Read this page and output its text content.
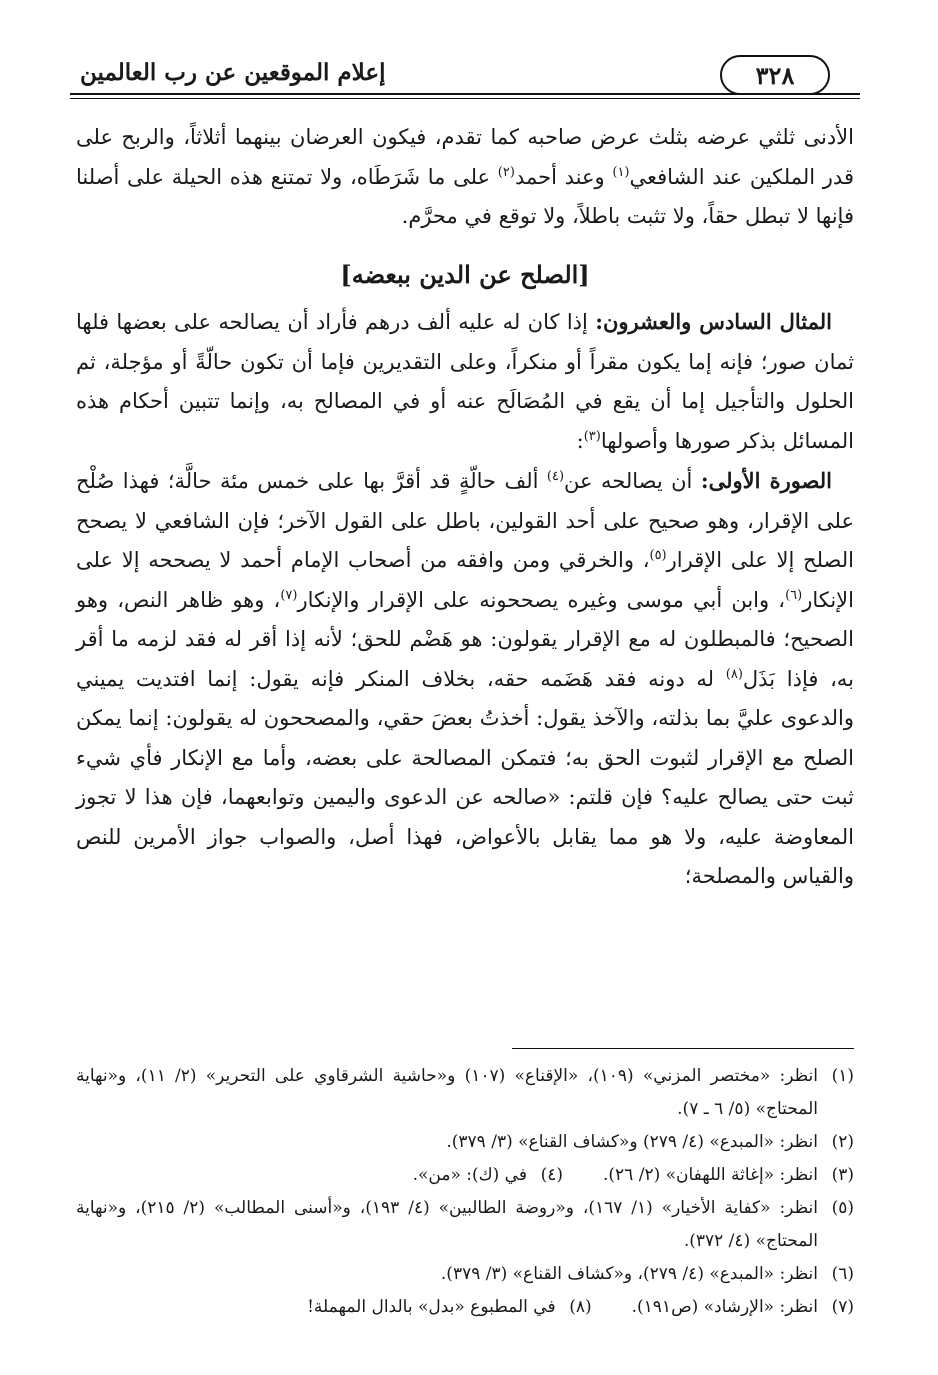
إعلام الموقعين عن رب العالمين	٣٢٨

الأدنى ثلثي عرضه بثلث عرض صاحبه كما تقدم، فيكون العرضان بينهما أثلاثاً، والربح على قدر الملكين عند الشافعي$^{(١)}$ وعند أحمد$^{(٢)}$ على ما شَرَطَاه، ولا تمتنع هذه الحيلة على أصلنا فإنها لا تبطل حقاً، ولا تثبت باطلاً، ولا توقع في محرَّم.

[الصلح عن الدين ببعضه]

المثال السادس والعشرون: إذا كان له عليه ألف درهم فأراد أن يصالحه على بعضها فلها ثمان صور؛ فإنه إما يكون مقراً أو منكراً، وعلى التقديرين فإما أن تكون حالّةً أو مؤجلة، ثم الحلول والتأجيل إما أن يقع في المُصَالَح عنه أو في المصالح به، وإنما تتبين أحكام هذه المسائل بذكر صورها وأصولها$^{(٣)}$:

الصورة الأولى: أن يصالحه عن$^{(٤)}$ ألف حالّةٍ قد أقرَّ بها على خمس مئة حالَّة؛ فهذا صُلْح على الإقرار، وهو صحيح على أحد القولين، باطل على القول الآخر؛ فإن الشافعي لا يصحح الصلح إلا على الإقرار$^{(٥)}$، والخرقي ومن وافقه من أصحاب الإمام أحمد لا يصححه إلا على الإنكار$^{(٦)}$، وابن أبي موسى وغيره يصححونه على الإقرار والإنكار$^{(٧)}$، وهو ظاهر النص، وهو الصحيح؛ فالمبطلون له مع الإقرار يقولون: هو هَضْم للحق؛ لأنه إذا أقر له فقد لزمه ما أقر به، فإذا بَذَل$^{(٨)}$ له دونه فقد هَضَمه حقه، بخلاف المنكر فإنه يقول: إنما افتديت يميني والدعوى عليَّ بما بذلته، والآخذ يقول: أخذتُ بعضَ حقي، والمصححون له يقولون: إنما يمكن الصلح مع الإقرار لثبوت الحق به؛ فتمكن المصالحة على بعضه، وأما مع الإنكار فأي شيء ثبت حتى يصالح عليه؟ فإن قلتم: «صالحه عن الدعوى واليمين وتوابعهما، فإن هذا لا تجوز المعاوضة عليه، ولا هو مما يقابل بالأعواض، فهذا أصل، والصواب جواز الأمرين للنص والقياس والمصلحة؛

(١)
انظر: «مختصر المزني» (١٠٩)، «الإقناع» (١٠٧) و«حاشية الشرقاوي على التحرير» (٢/ ١١)، و«نهاية المحتاج» (٥/ ٦ ـ ٧).
(٢)
انظر: «المبدع» (٤/ ٢٧٩) و«كشاف القناع» (٣/ ٣٧٩).
(٣)
انظر: «إغاثة اللهفان» (٢/ ٢٦).
(٤)
في (ك): «من».
(٥)
انظر: «كفاية الأخيار» (١/ ١٦٧)، و«روضة الطالبين» (٤/ ١٩٣)، و«أسنى المطالب» (٢/ ٢١٥)، و«نهاية المحتاج» (٤/ ٣٧٢).
(٦)
انظر: «المبدع» (٤/ ٢٧٩)، و«كشاف القناع» (٣/ ٣٧٩).
(٧)
انظر: «الإرشاد» (ص١٩١).
(٨)
في المطبوع «بدل» بالدال المهملة!
